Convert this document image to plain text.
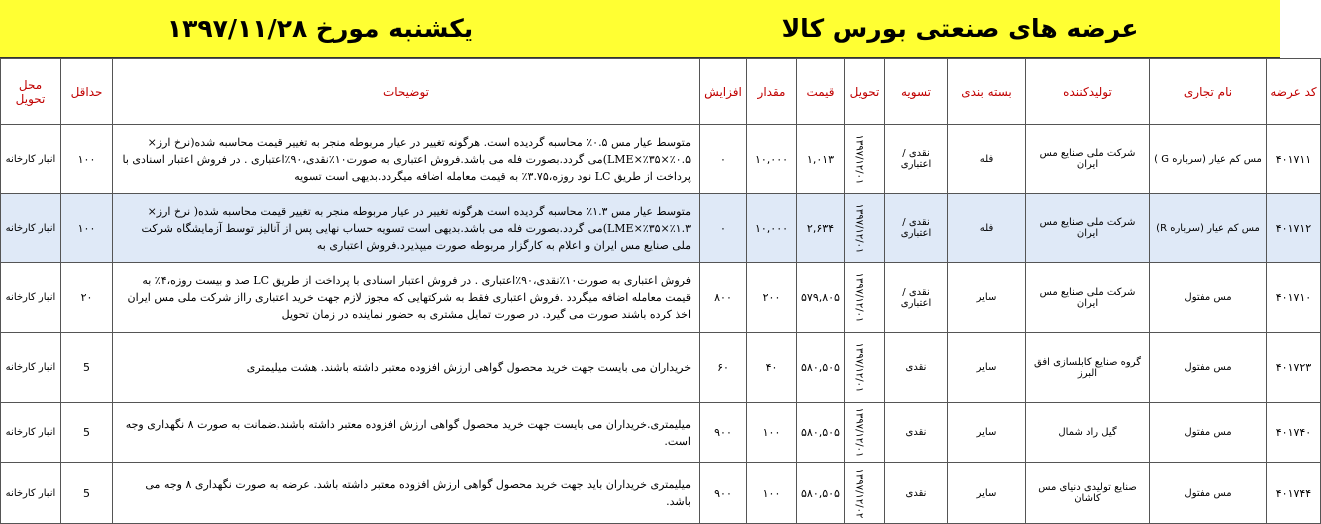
عرضه های صنعتی بورس کالا
یکشنبه مورخ ۱۳۹۷/۱۱/۲۸
کد عرضه	نام تجاری	تولیدکننده	بسته بندی	تسویه	تحویل	قیمت	مقدار	افزایش	توضیحات	حداقل	محل تحویل
۴۰۱۷۱۱	مس کم عیار (سرباره G )	شرکت ملی صنایع مس ایران	فله	نقدی / اعتباری	۱۳۹۷/۱۲/۰۱	۱,۰۱۳	۱۰,۰۰۰	۰	متوسط عیار مس ۰.۵٪ محاسبه گردیده است. هرگونه تغییر در عیار مربوطه منجر به تغییر قیمت محاسبه شده(نرخ ارز× ۰.۵٪×۳۵٪×LME)می گردد.بصورت فله می باشد.فروش اعتباری به صورت۱۰٪نقدی،۹۰٪اعتباری . در فروش اعتبار اسنادی با پرداخت از طریق LC نود روزه،۳.۷۵٪ به قیمت معامله اضافه میگردد.بدیهی است تسویه	۱۰۰	انبار کارخانه
۴۰۱۷۱۲	مس کم عیار (سرباره R)	شرکت ملی صنایع مس ایران	فله	نقدی / اعتباری	۱۳۹۷/۱۲/۰۱	۲,۶۳۴	۱۰,۰۰۰	۰	متوسط عیار مس ۱.۳٪ محاسبه گردیده است هرگونه تغییر در عیار مربوطه منجر به تغییر قیمت محاسبه شده( نرخ ارز× ۱.۳٪×۳۵٪×LME)می گردد.بصورت فله می باشد.بدیهی است تسویه حساب نهایی پس از آنالیز توسط آزمایشگاه شرکت ملی صنایع مس ایران و اعلام به کارگزار مربوطه صورت میپذیرد.فروش اعتباری به	۱۰۰	انبار کارخانه
۴۰۱۷۱۰	مس مفتول	شرکت ملی صنایع مس ایران	سایر	نقدی / اعتباری	۱۳۹۷/۱۲/۰۱	۵۷۹,۸۰۵	۲۰۰	۸۰۰	فروش اعتباری به صورت۱۰٪نقدی،۹۰٪اعتباری . در فروش اعتبار اسنادی با پرداخت از طریق LC صد و بیست روزه،۴٪ به قیمت معامله اضافه میگردد .فروش اعتباری فقط به شرکتهایی که مجوز لازم جهت خرید اعتباری رااز شرکت ملی مس ایران اخذ کرده باشند صورت می گیرد. در صورت تمایل مشتری به حضور نماینده در زمان تحویل	۲۰	انبار کارخانه
۴۰۱۷۲۳	مس مفتول	گروه صنایع کابلسازی افق البرز	سایر	نقدی	۱۳۹۷/۱۲/۰۱	۵۸۰,۵۰۵	۴۰	۶۰	خریداران می بایست جهت خرید محصول گواهی ارزش افزوده معتبر داشته باشند. هشت میلیمتری	5	انبار کارخانه
۴۰۱۷۴۰	مس مفتول	گیل راد شمال	سایر	نقدی	۱۳۹۷/۱۲/۰۱	۵۸۰,۵۰۵	۱۰۰	۹۰۰	میلیمتری.خریداران می بایست جهت خرید محصول گواهی ارزش افزوده معتبر داشته باشند.ضمانت به صورت ۸ نگهداری وجه است.	5	انبار کارخانه
۴۰۱۷۴۴	مس مفتول	صنایع تولیدی دنیای مس کاشان	سایر	نقدی	۱۳۹۷/۱۲/۰۲	۵۸۰,۵۰۵	۱۰۰	۹۰۰	میلیمتری خریداران باید جهت خرید محصول گواهی ارزش افزوده معتبر داشته باشد. عرضه به صورت نگهداری ۸ وجه می باشد.	5	انبار کارخانه
